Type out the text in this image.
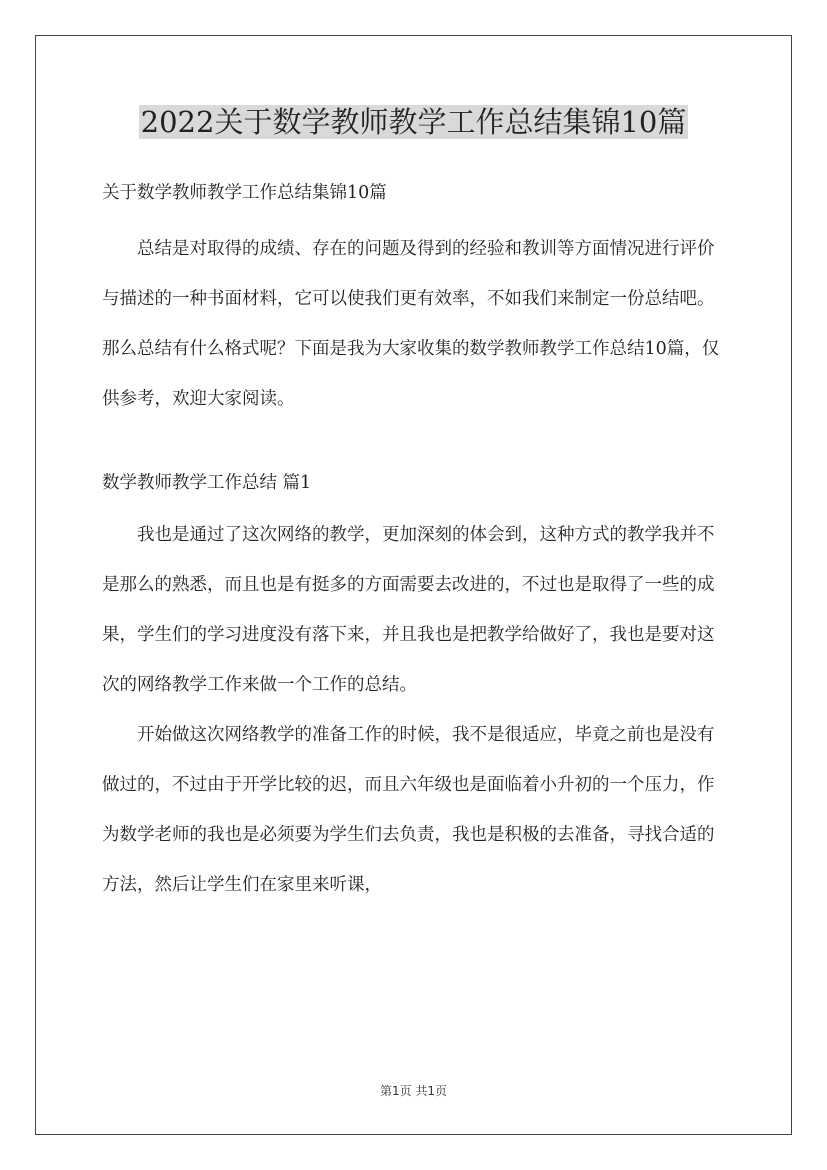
2022关于数学教师教学工作总结集锦10篇
关于数学教师教学工作总结集锦10篇

总结是对取得的成绩、存在的问题及得到的经验和教训等方面情况进行评价与描述的一种书面材料，它可以使我们更有效率，不如我们来制定一份总结吧。那么总结有什么格式呢？下面是我为大家收集的数学教师教学工作总结10篇，仅供参考，欢迎大家阅读。

数学教师教学工作总结 篇1

我也是通过了这次网络的教学，更加深刻的体会到，这种方式的教学我并不是那么的熟悉，而且也是有挺多的方面需要去改进的，不过也是取得了一些的成果，学生们的学习进度没有落下来，并且我也是把教学给做好了，我也是要对这次的网络教学工作来做一个工作的总结。

开始做这次网络教学的准备工作的时候，我不是很适应，毕竟之前也是没有做过的，不过由于开学比较的迟，而且六年级也是面临着小升初的一个压力，作为数学老师的我也是必须要为学生们去负责，我也是积极的去准备，寻找合适的方法，然后让学生们在家里来听课，

第1页 共1页
